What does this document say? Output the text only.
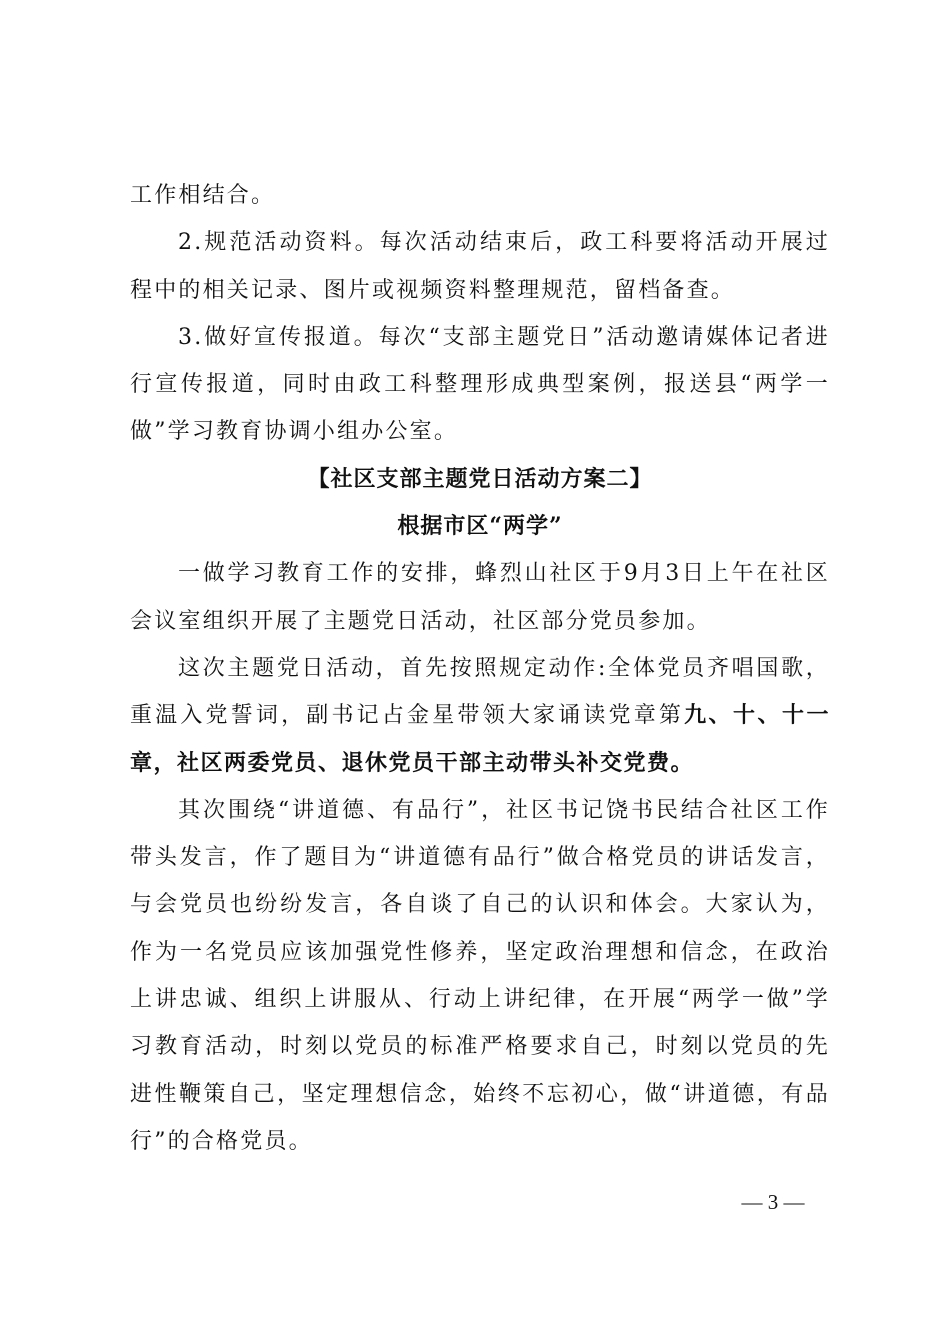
工作相结合。

2.规范活动资料。每次活动结束后，政工科要将活动开展过程中的相关记录、图片或视频资料整理规范，留档备查。

3.做好宣传报道。每次“支部主题党日”活动邀请媒体记者进行宣传报道，同时由政工科整理形成典型案例，报送县“两学一做”学习教育协调小组办公室。

【社区支部主题党日活动方案二】

根据市区“两学”

一做学习教育工作的安排，蜂烈山社区于9月3日上午在社区会议室组织开展了主题党日活动，社区部分党员参加。

这次主题党日活动，首先按照规定动作:全体党员齐唱国歌，重温入党誓词，副书记占金星带领大家诵读党章第九、十、十一章，社区两委党员、退休党员干部主动带头补交党费。

其次围绕“讲道德、有品行”，社区书记饶书民结合社区工作带头发言，作了题目为“讲道德有品行”做合格党员的讲话发言，与会党员也纷纷发言，各自谈了自己的认识和体会。大家认为，作为一名党员应该加强党性修养，坚定政治理想和信念，在政治上讲忠诚、组织上讲服从、行动上讲纪律，在开展“两学一做”学习教育活动，时刻以党员的标准严格要求自己，时刻以党员的先进性鞭策自己，坚定理想信念，始终不忘初心，做“讲道德，有品行”的合格党员。

— 3 —
